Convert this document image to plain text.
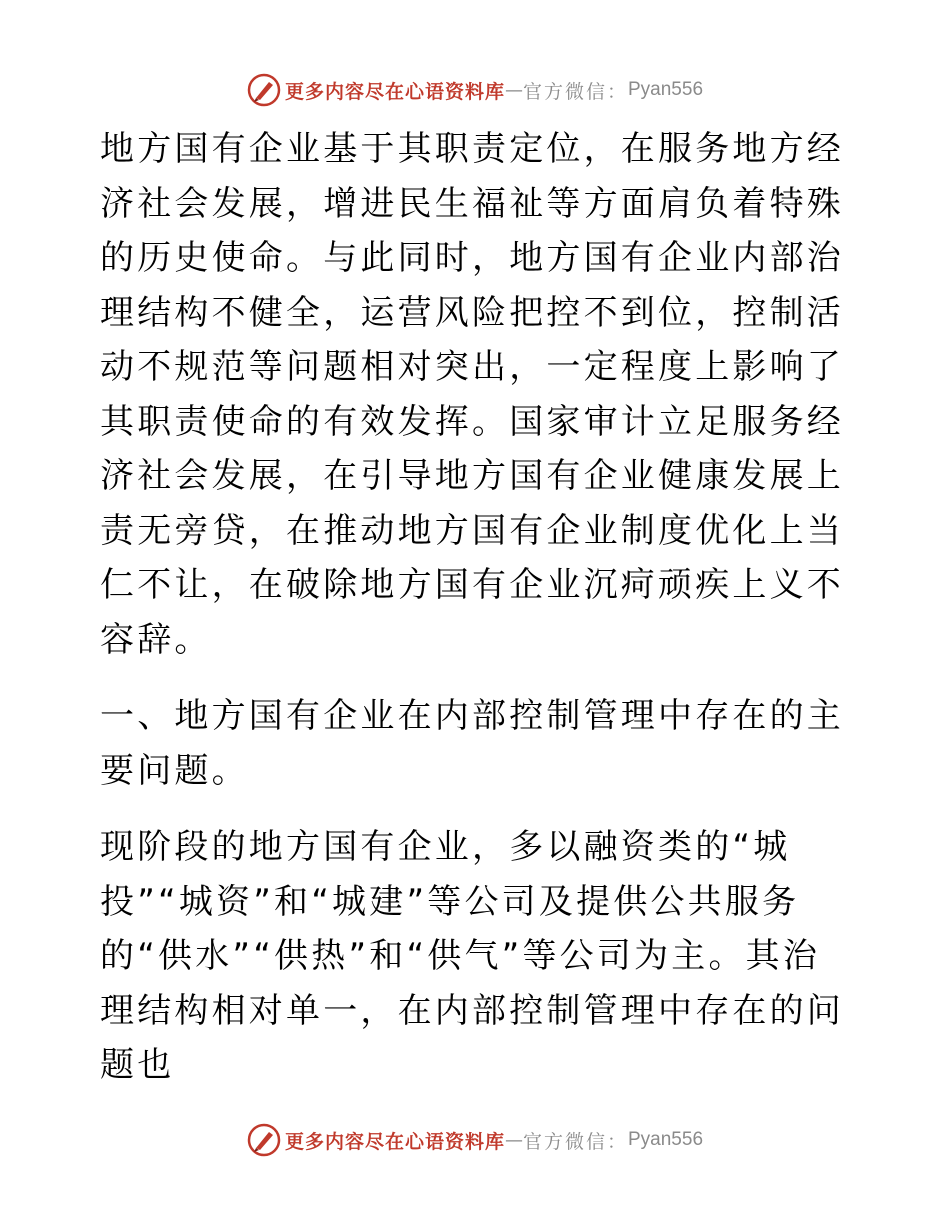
更多内容尽在心语资料库 — 官方微信： Pyan556

地方国有企业基于其职责定位，在服务地方经济社会发展，增进民生福祉等方面肩负着特殊的历史使命。与此同时，地方国有企业内部治理结构不健全，运营风险把控不到位，控制活动不规范等问题相对突出，一定程度上影响了其职责使命的有效发挥。国家审计立足服务经济社会发展，在引导地方国有企业健康发展上责无旁贷，在推动地方国有企业制度优化上当仁不让，在破除地方国有企业沉疴顽疾上义不容辞。

一、地方国有企业在内部控制管理中存在的主要问题。

现阶段的地方国有企业，多以融资类的“城投”“城资”和“城建”等公司及提供公共服务的“供水”“供热”和“供气”等公司为主。其治理结构相对单一，在内部控制管理中存在的问题也

更多内容尽在心语资料库 — 官方微信： Pyan556
